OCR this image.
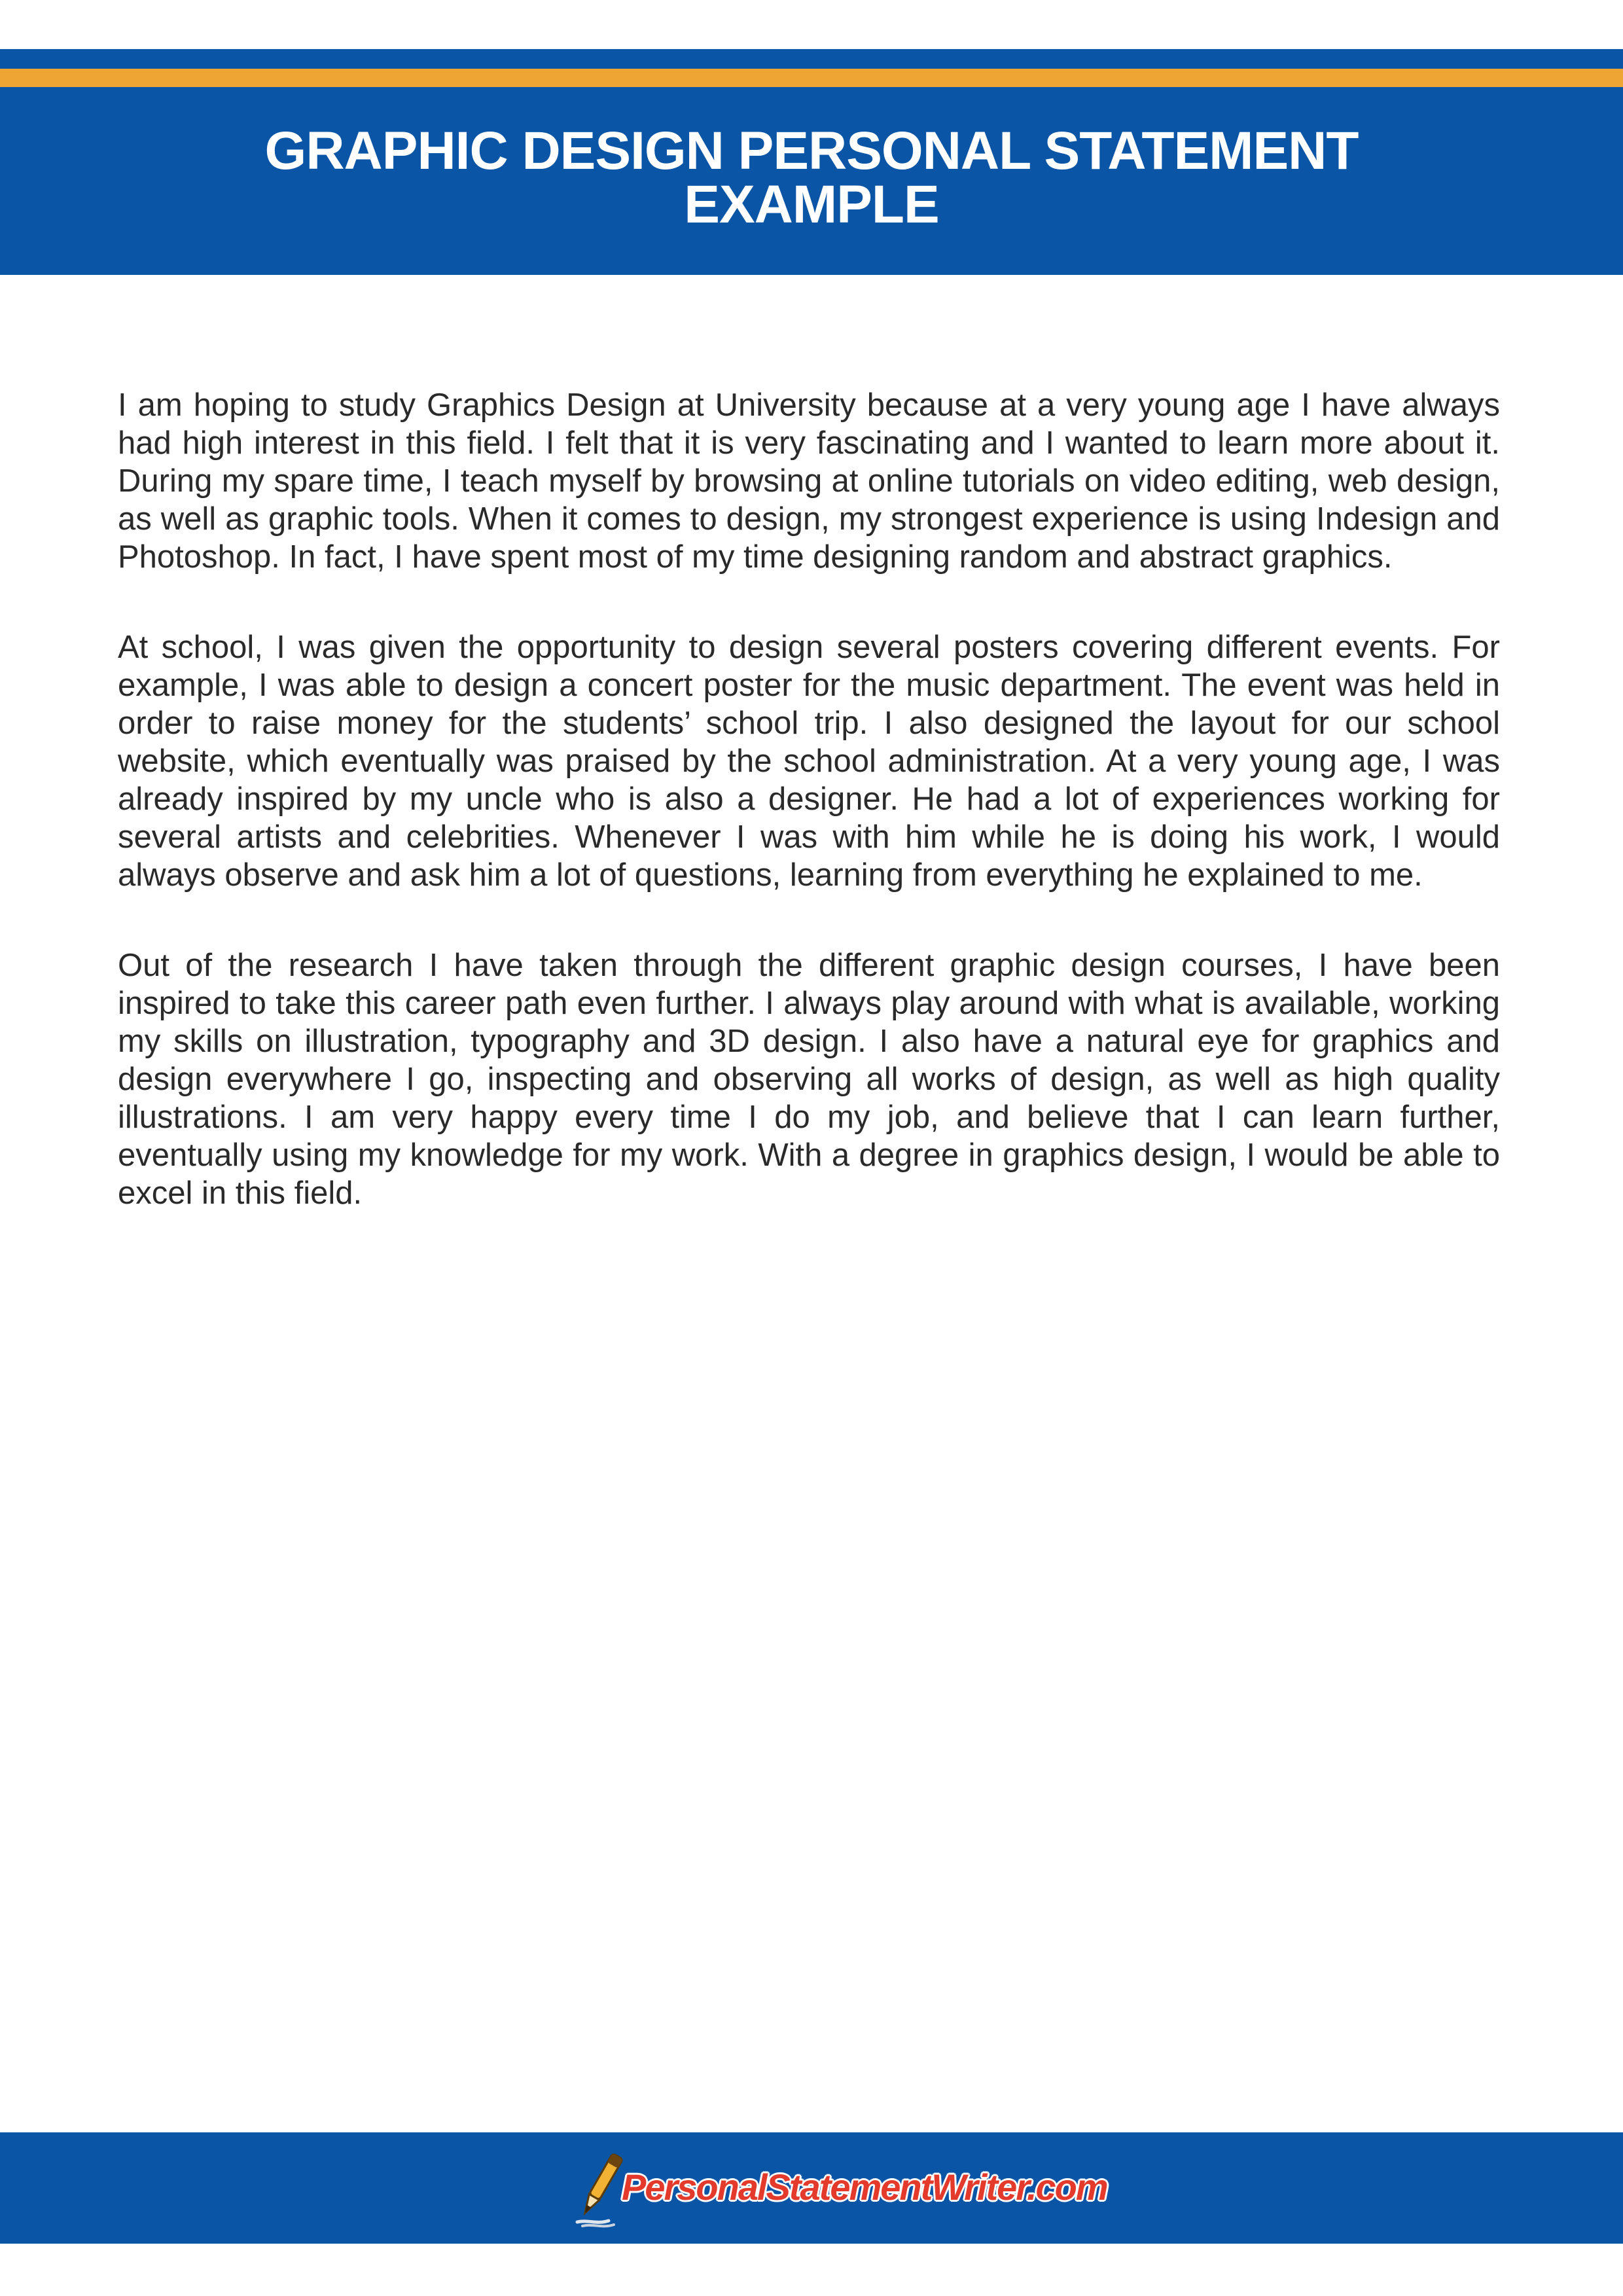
GRAPHIC DESIGN PERSONAL STATEMENT EXAMPLE

I am hoping to study Graphics Design at University because at a very young age I have always had high interest in this field. I felt that it is very fascinating and I wanted to learn more about it. During my spare time, I teach myself by browsing at online tutorials on video editing, web design, as well as graphic tools. When it comes to design, my strongest experience is using Indesign and Photoshop. In fact, I have spent most of my time designing random and abstract graphics.

At school, I was given the opportunity to design several posters covering different events. For example, I was able to design a concert poster for the music department. The event was held in order to raise money for the students’ school trip. I also designed the layout for our school website, which eventually was praised by the school administration. At a very young age, I was already inspired by my uncle who is also a designer. He had a lot of experiences working for several artists and celebrities. Whenever I was with him while he is doing his work, I would always observe and ask him a lot of questions, learning from everything he explained to me.

Out of the research I have taken through the different graphic design courses, I have been inspired to take this career path even further. I always play around with what is available, working my skills on illustration, typography and 3D design. I also have a natural eye for graphics and design everywhere I go, inspecting and observing all works of design, as well as high quality illustrations. I am very happy every time I do my job, and believe that I can learn further, eventually using my knowledge for my work. With a degree in graphics design, I would be able to excel in this field.

PersonalStatementWriter.com
